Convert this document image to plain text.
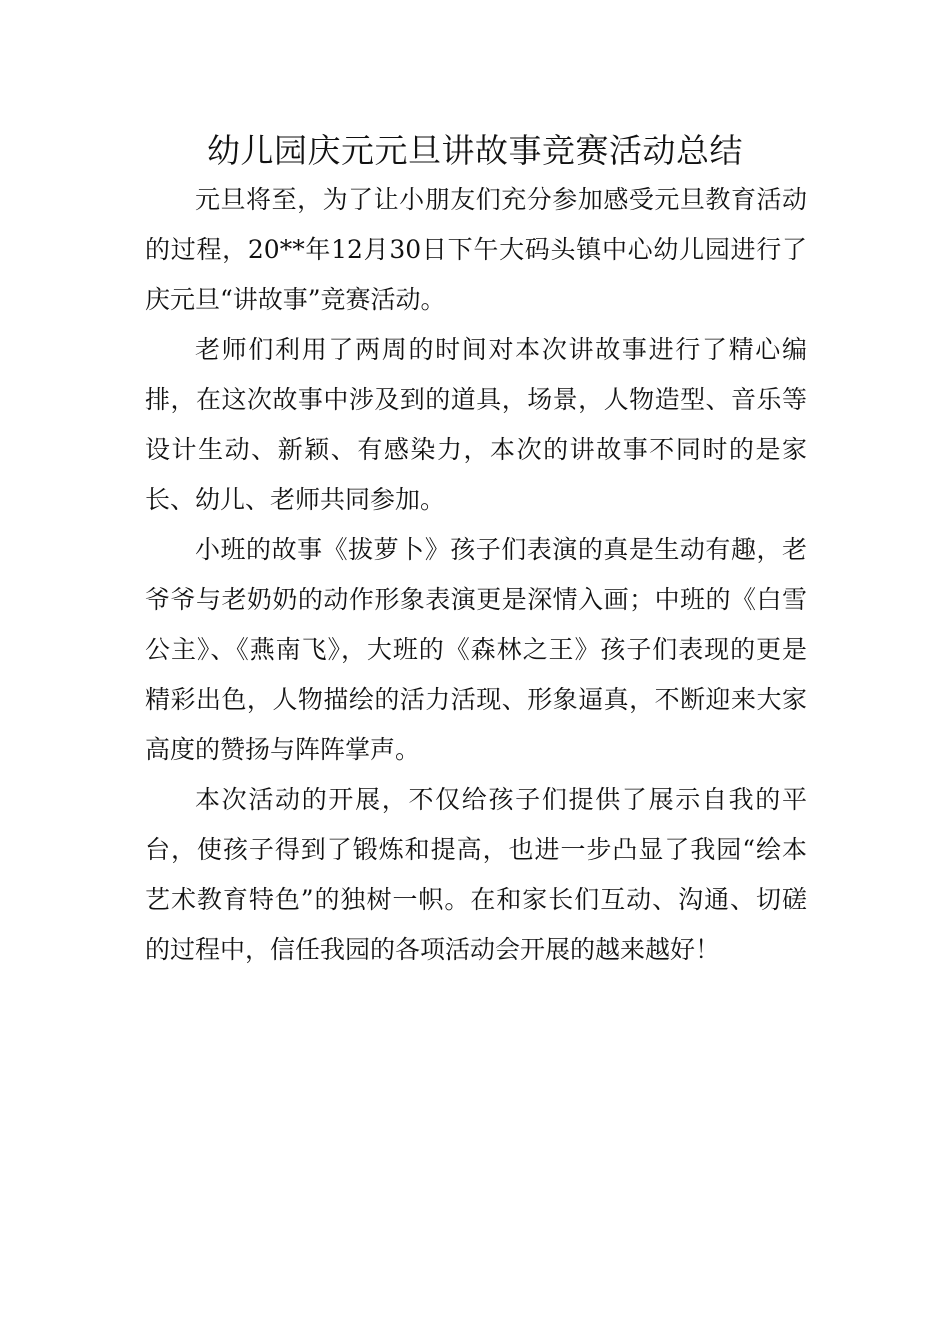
幼儿园庆元元旦讲故事竞赛活动总结

元旦将至，为了让小朋友们充分参加感受元旦教育活动的过程，20**年12月30日下午大码头镇中心幼儿园进行了庆元旦“讲故事”竞赛活动。

老师们利用了两周的时间对本次讲故事进行了精心编排，在这次故事中涉及到的道具，场景，人物造型、音乐等设计生动、新颖、有感染力，本次的讲故事不同时的是家长、幼儿、老师共同参加。

小班的故事《拔萝卜》孩子们表演的真是生动有趣，老爷爷与老奶奶的动作形象表演更是深情入画；中班的《白雪公主》、《燕南飞》，大班的《森林之王》孩子们表现的更是精彩出色，人物描绘的活力活现、形象逼真，不断迎来大家高度的赞扬与阵阵掌声。

本次活动的开展，不仅给孩子们提供了展示自我的平台，使孩子得到了锻炼和提高，也进一步凸显了我园“绘本艺术教育特色”的独树一帜。在和家长们互动、沟通、切磋的过程中，信任我园的各项活动会开展的越来越好！
